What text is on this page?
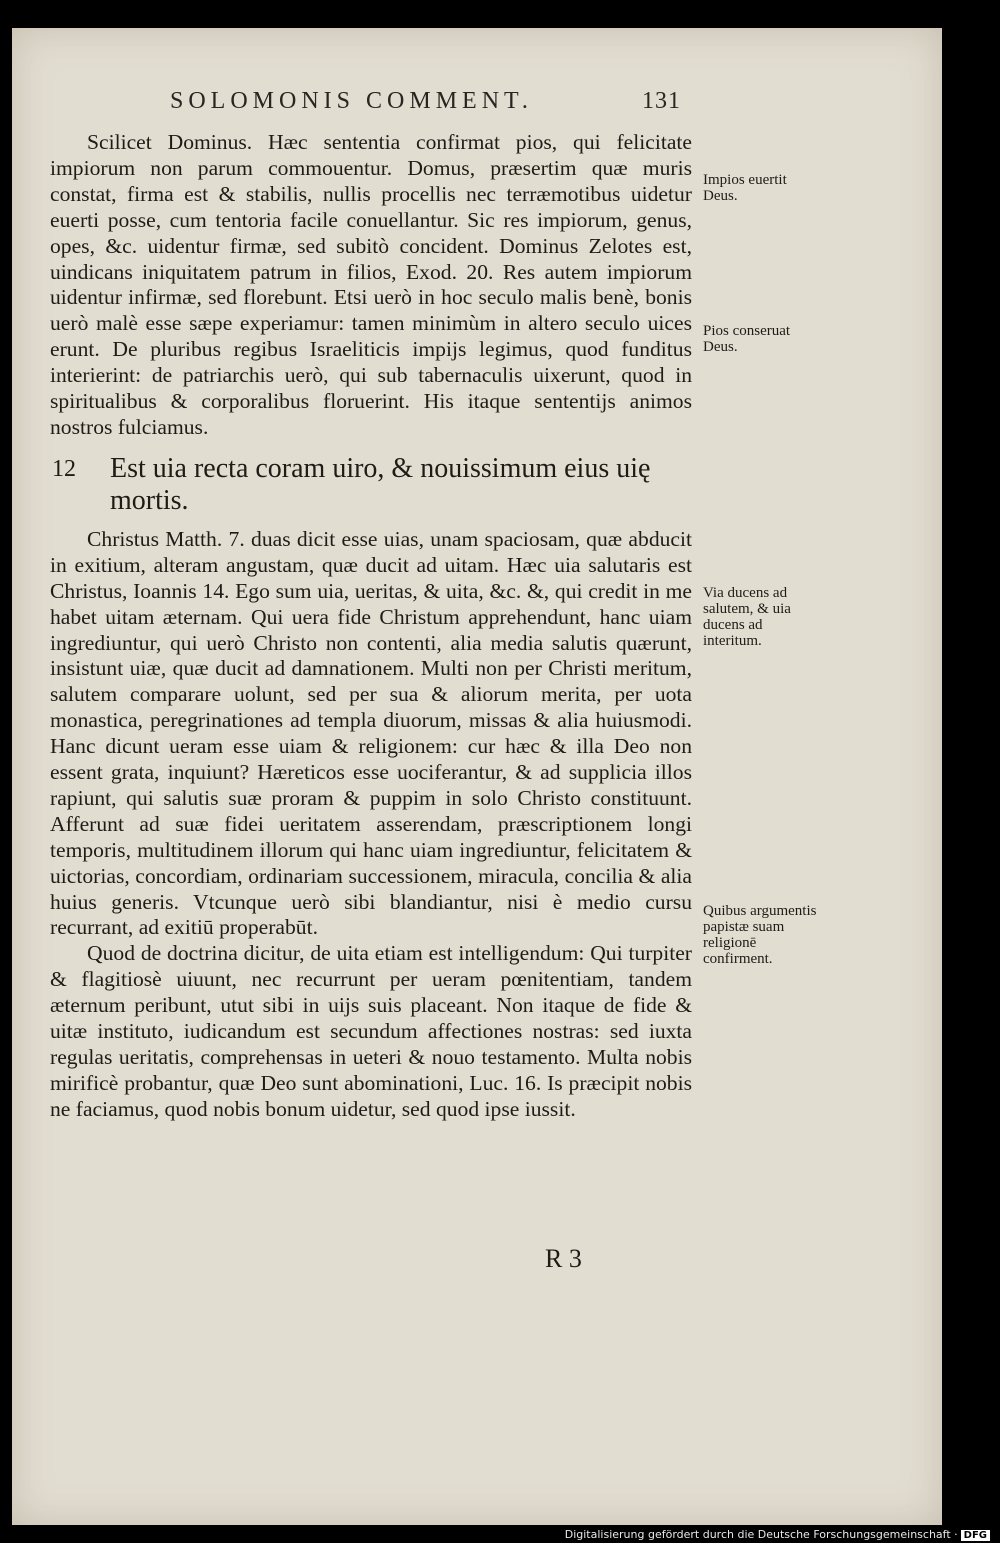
SOLOMONIS COMMENT.	131

Scilicet Dominus. Hæc sententia confirmat pios, qui felicitate impiorum non parum commouentur. Domus, præsertim quæ muris constat, firma est & stabilis, nullis procellis nec terræmotibus uidetur euerti posse, cum tentoria facile conuellantur. Sic res impiorum, genus, opes, &c. uidentur firmæ, sed subitò concident. Dominus Zelotes est, uindicans iniquitatem patrum in filios, Exod. 20. Res autem impiorum uidentur infirmæ, sed florebunt. Etsi uerò in hoc seculo malis benè, bonis uerò malè esse sæpe experiamur: tamen minimùm in altero seculo uices erunt. De pluribus regibus Israeliticis impijs legimus, quod funditus interierint: de patriarchis uerò, qui sub tabernaculis uixerunt, quod in spiritualibus & corporalibus floruerint. His itaque sententijs animos nostros fulciamus.

12 Est uia recta coram uiro, & nouissimum eius uię mortis.

Christus Matth. 7. duas dicit esse uias, unam spaciosam, quæ abducit in exitium, alteram angustam, quæ ducit ad uitam. Hæc uia salutaris est Christus, Ioannis 14. Ego sum uia, ueritas, & uita, &c. &, qui credit in me habet uitam æternam. Qui uera fide Christum apprehendunt, hanc uiam ingrediuntur, qui uerò Christo non contenti, alia media salutis quærunt, insistunt uiæ, quæ ducit ad damnationem. Multi non per Christi meritum, salutem comparare uolunt, sed per sua & aliorum merita, per uota monastica, peregrinationes ad templa diuorum, missas & alia huiusmodi. Hanc dicunt ueram esse uiam & religionem: cur hæc & illa Deo non essent grata, inquiunt? Hæreticos esse uociferantur, & ad supplicia illos rapiunt, qui salutis suæ proram & puppim in solo Christo constituunt. Afferunt ad suæ fidei ueritatem asserendam, præscriptionem longi temporis, multitudinem illorum qui hanc uiam ingrediuntur, felicitatem & uictorias, concordiam, ordinariam successionem, miracula, concilia & alia huius generis. Vtcunque uerò sibi blandiantur, nisi è medio cursu recurrant, ad exitiū properabūt.

Quod de doctrina dicitur, de uita etiam est intelligendum: Qui turpiter & flagitiosè uiuunt, nec recurrunt per ueram pœnitentiam, tandem æternum peribunt, utut sibi in uijs suis placeant. Non itaque de fide & uitæ instituto, iudicandum est secundum affectiones nostras: sed iuxta regulas ueritatis, comprehensas in ueteri & nouo testamento. Multa nobis mirificè probantur, quæ Deo sunt abominationi, Luc. 16. Is præcipit nobis ne faciamus, quod nobis bonum uidetur, sed quod ipse iussit.

Impios euertit Deus.
Pios conseruat Deus.
Via ducens ad salutem, & uia ducens ad interitum.
Quibus argumentis papistæ suam religionē confirment.
R 3
Digitalisierung gefördert durch die Deutsche Forschungsgemeinschaft · DFG
